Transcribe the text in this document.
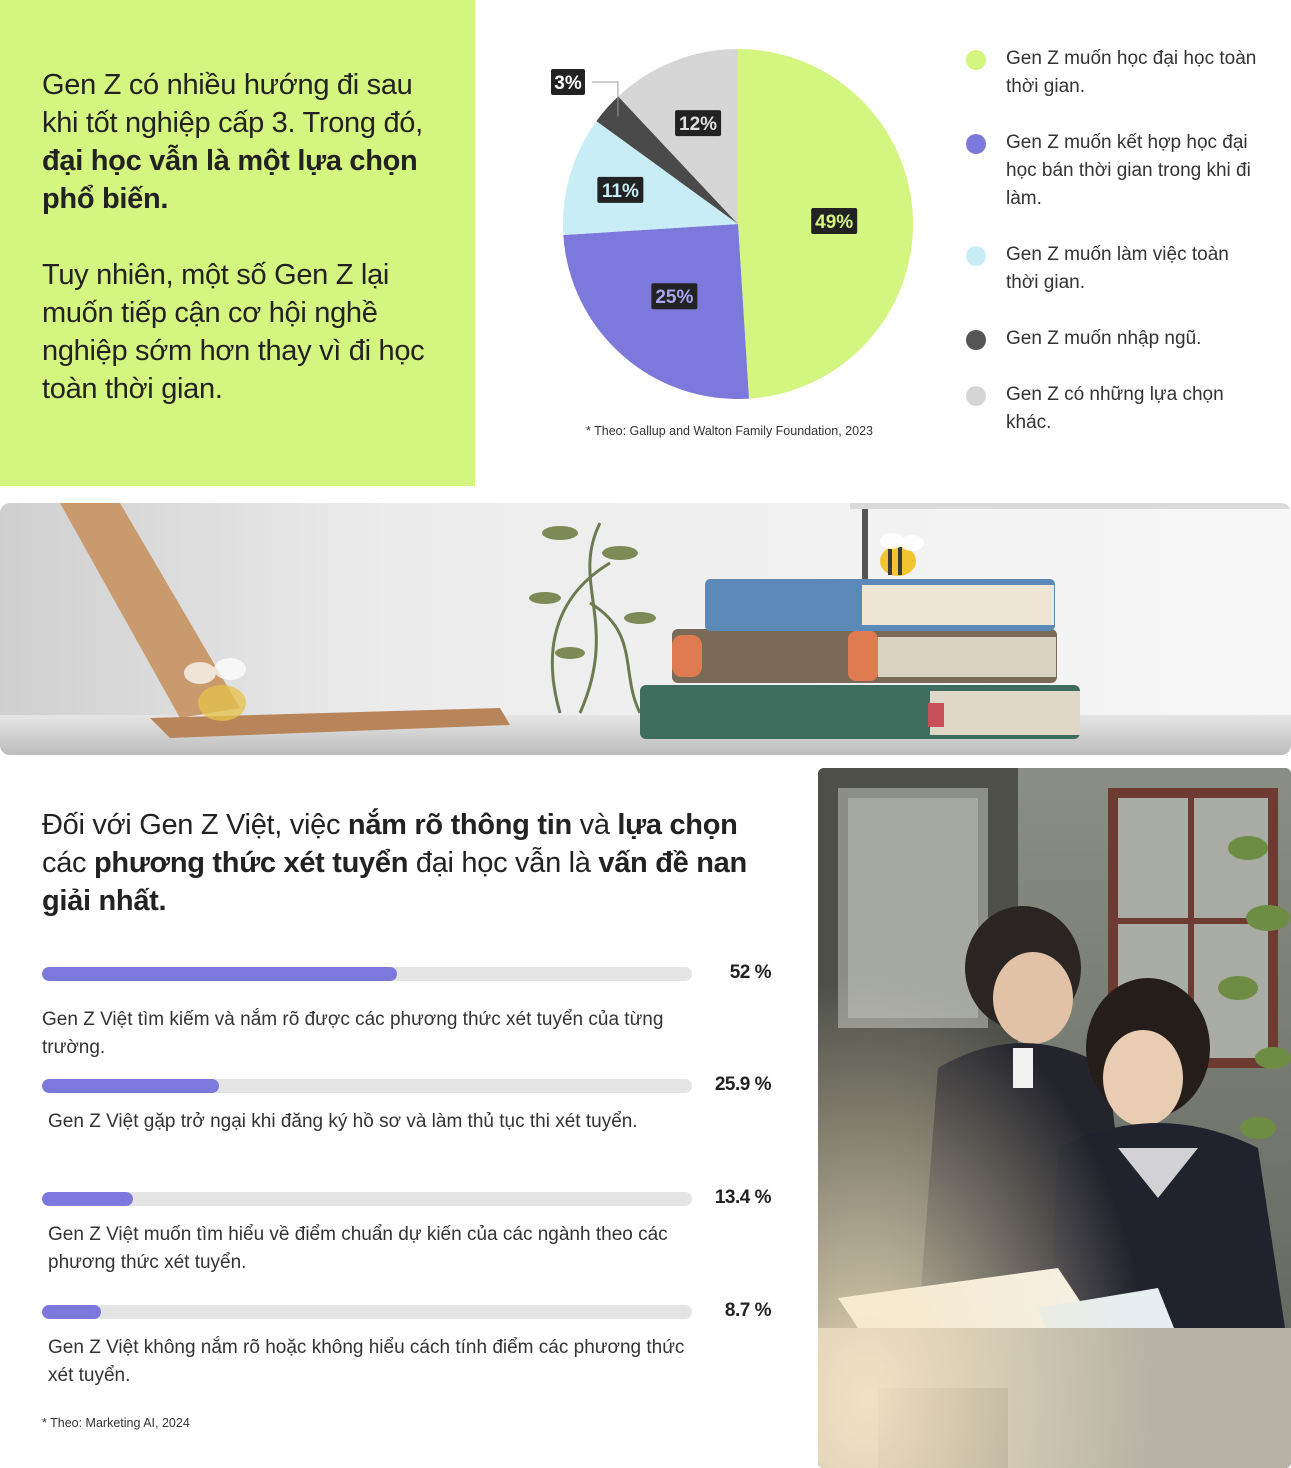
Gen Z có nhiều hướng đi sau khi tốt nghiệp cấp 3. Trong đó, đại học vẫn là một lựa chọn phổ biến.
Tuy nhiên, một số Gen Z lại muốn tiếp cận cơ hội nghề nghiệp sớm hơn thay vì đi học toàn thời gian.
49%
25%
11%
3%
12%
* Theo: Gallup and Walton Family Foundation, 2023
Gen Z muốn học đại học toàn thời gian.
Gen Z muốn kết hợp học đại học bán thời gian trong khi đi làm.
Gen Z muốn làm việc toàn thời gian.
Gen Z muốn nhập ngũ.
Gen Z có những lựa chọn khác.
Đối với Gen Z Việt, việc nắm rõ thông tin và lựa chọn các phương thức xét tuyển đại học vẫn là vấn đề nan giải nhất.
52 %
Gen Z Việt tìm kiếm và nắm rõ được các phương thức xét tuyển của từng trường.
25.9 %
Gen Z Việt gặp trở ngại khi đăng ký hồ sơ và làm thủ tục thi xét tuyển.
13.4 %
Gen Z Việt muốn tìm hiểu về điểm chuẩn dự kiến của các ngành theo các phương thức xét tuyển.
8.7 %
Gen Z Việt không nắm rõ hoặc không hiểu cách tính điểm các phương thức xét tuyển.
* Theo: Marketing AI, 2024
